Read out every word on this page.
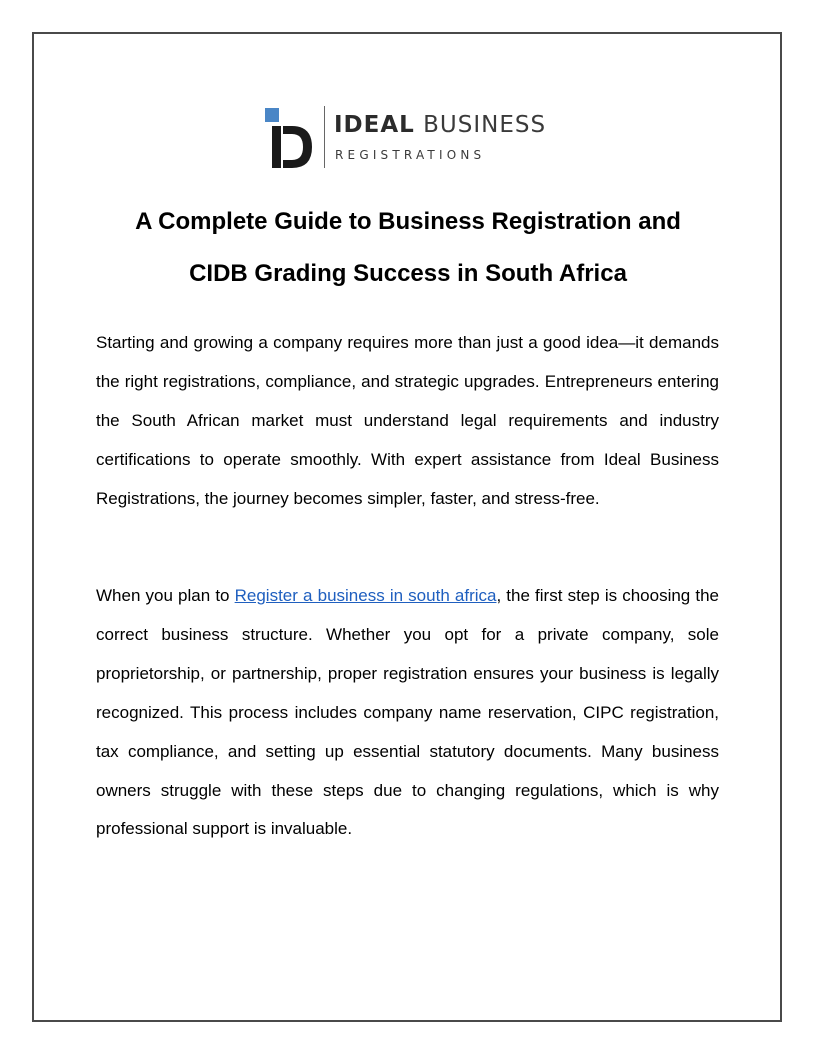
IDEAL BUSINESS
REGISTRATIONS
A Complete Guide to Business Registration and
CIDB Grading Success in South Africa

Starting and growing a company requires more than just a good idea—it demands the right registrations, compliance, and strategic upgrades. Entrepreneurs entering the South African market must understand legal requirements and industry certifications to operate smoothly. With expert assistance from Ideal Business Registrations, the journey becomes simpler, faster, and stress-free.

When you plan to Register a business in south africa, the first step is choosing the correct business structure. Whether you opt for a private company, sole proprietorship, or partnership, proper registration ensures your business is legally recognized. This process includes company name reservation, CIPC registration, tax compliance, and setting up essential statutory documents. Many business owners struggle with these steps due to changing regulations, which is why professional support is invaluable.
